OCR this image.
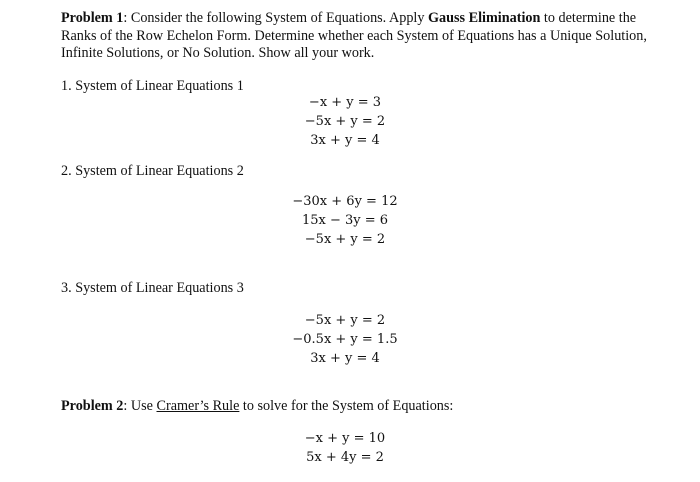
Problem 1: Consider the following System of Equations. Apply Gauss Elimination to determine the Ranks of the Row Echelon Form. Determine whether each System of Equations has a Unique Solution, Infinite Solutions, or No Solution. Show all your work.

1. System of Linear Equations 1

−x + y = 3
−5x + y = 2
3x + y = 4

2. System of Linear Equations 2

−30x + 6y = 12
15x − 3y = 6
−5x + y = 2

3. System of Linear Equations 3

−5x + y = 2
−0.5x + y = 1.5
3x + y = 4

Problem 2: Use Cramer’s Rule to solve for the System of Equations:

−x + y = 10
5x + 4y = 2
